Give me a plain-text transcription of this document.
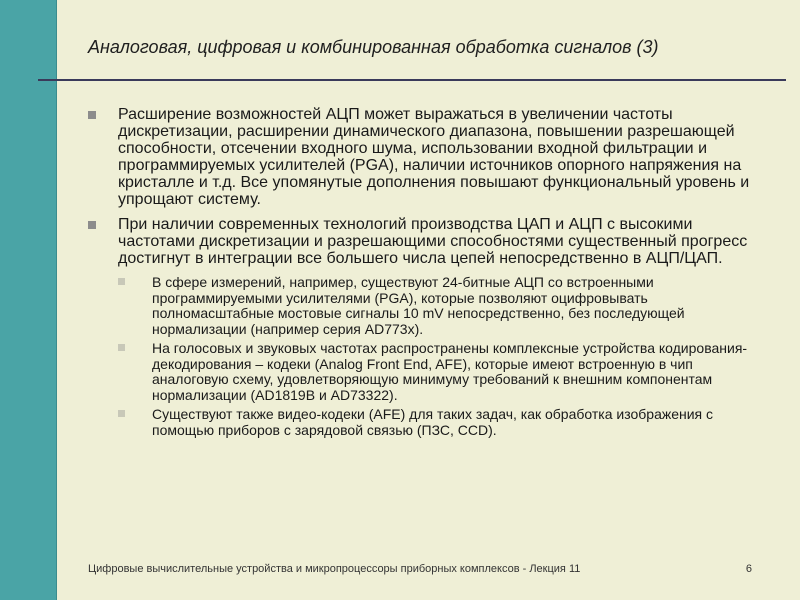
Аналоговая, цифровая и комбинированная обработка сигналов (3)
Расширение возможностей АЦП может выражаться в увеличении частоты дискретизации, расширении динамического диапазона, повышении разрешающей способности, отсечении входного шума, использовании входной фильтрации и программируемых усилителей (PGA), наличии источников опорного напряжения на кристалле и т.д. Все упомянутые дополнения повышают функциональный уровень и упрощают систему.
При наличии современных технологий производства ЦАП и АЦП с высокими частотами дискретизации и разрешающими способностями существенный прогресс достигнут в интеграции все большего числа цепей непосредственно в АЦП/ЦАП.
В сфере измерений, например, существуют 24-битные АЦП со встроенными программируемыми усилителями (PGA), которые позволяют оцифровывать полномасштабные мостовые сигналы 10 mV непосредственно, без последующей нормализации (например серия AD773x).
На голосовых и звуковых частотах распространены комплексные устройства кодирования-декодирования – кодеки (Analog Front End, AFE), которые имеют встроенную в чип аналоговую схему, удовлетворяющую минимуму требований к внешним компонентам нормализации (AD1819B и AD73322).
Существуют также видео-кодеки (AFE) для таких задач, как обработка изображения с помощью приборов с зарядовой связью (ПЗС, CCD).
Цифровые вычислительные устройства и микропроцессоры приборных комплексов - Лекция 11	6
